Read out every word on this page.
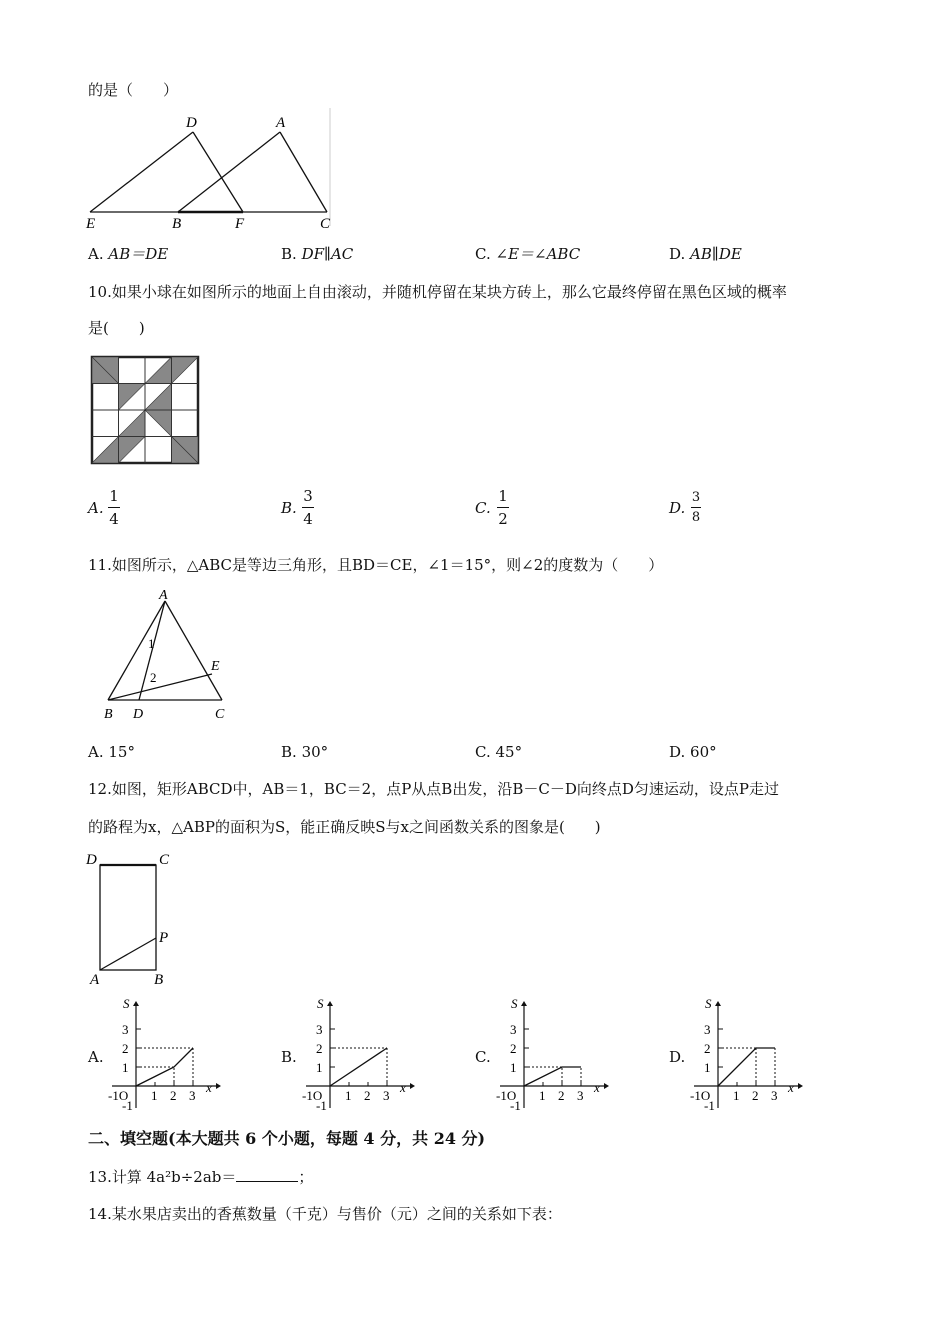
的是（　　）
D	A
E	B	F	C
A. AB＝DE	B. DF∥AC	C. ∠E＝∠ABC	D. AB∥DE
10.如果小球在如图所示的地面上自由滚动，并随机停留在某块方砖上，那么它最终停留在黑色区域的概率
是(　　)
A.
1
4
B.
3
4
C.
1
2
D.
3
8
11.如图所示，△ABC是等边三角形，且BD＝CE，∠1＝15°，则∠2的度数为（　　）
A
E
B D	C
1
2
A. 15°	B. 30°	C. 45°	D. 60°
12.如图，矩形ABCD中，AB＝1，BC＝2，点P从点B出发，沿B－C－D向终点D匀速运动，设点P走过
的路程为x，△ABP的面积为S，能正确反映S与x之间函数关系的图象是(　　)
D	C
P
A	B
A.	B.	C.	D.
S
x
3
2
1
-1O
-1
1 2 3
S
x
3
2
1
-1O
-1
1 2 3
S
x
3
2
1
-1O
-1
1 2 3
S
x
3
2
1
-1O
-1
1 2 3
二、填空题(本大题共 6 个小题，每题 4 分，共 24 分)
13.计算 4a²b÷2ab＝	；
14.某水果店卖出的香蕉数量（千克）与售价（元）之间的关系如下表：
